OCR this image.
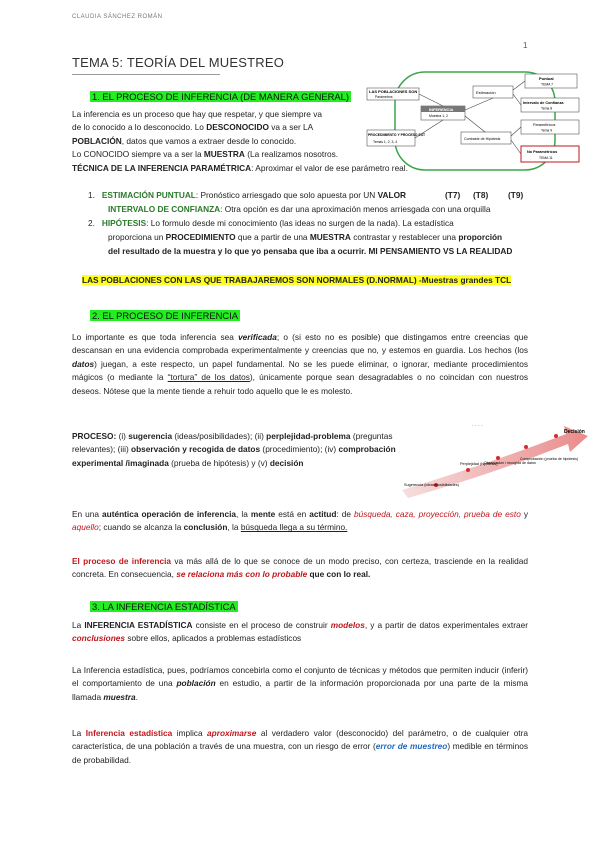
CLAUDIA SÁNCHEZ ROMÁN
1
TEMA 5: TEORÍA DEL MUESTREO
LAS POBLACIONES SON
Parámetros
INFERENCIA
Muestra 1, 2
PROCEDIMIENTO Y PROCESO EST
Temas 1, 2, 3, 4
Estimación
Contraste de Hipótesis
Puntual
TEMA 7
Intervalo de Confianza
Tema 8
Paramétricos
Tema 9
No Paramétricos
TEMA 11
1. EL PROCESO DE INFERENCIA (DE MANERA GENERAL)
La inferencia es un proceso que hay que respetar, y que siempre va
de lo conocido a lo desconocido. Lo DESCONOCIDO va a ser LA
POBLACIÓN, datos que vamos a extraer desde lo conocido.
Lo CONOCIDO siempre va a ser la MUESTRA (La realizamos nosotros.
TÉCNICA DE LA INFERENCIA PARAMÉTRICA: Aproximar el valor de ese parámetro real.
1. ESTIMACIÓN PUNTUAL: Pronóstico arriesgado que solo apuesta por UN VALOR	(T7) (T8) (T9)
INTERVALO DE CONFIANZA: Otra opción es dar una aproximación menos arriesgada con una orquilla
2. HIPÓTESIS: Lo formulo desde mi conocimiento (las ideas no surgen de la nada). La estadística
proporciona un PROCEDIMIENTO que a partir de una MUESTRA contrastar y restablecer una proporción
del resultado de la muestra y lo que yo pensaba que iba a ocurrir. MI PENSAMIENTO VS LA REALIDAD
LAS POBLACIONES CON LAS QUE TRABAJAREMOS SON NORMALES (D.NORMAL) -Muestras grandes TCL
2. EL PROCESO DE INFERENCIA

Lo importante es que toda inferencia sea verificada; o (si esto no es posible) que distingamos entre creencias que descansan en una evidencia comprobada experimentalmente y creencias que no, y estemos en guardia. Los hechos (los datos) juegan, a este respecto, un papel fundamental. No se les puede eliminar, o ignorar, mediante procedimientos mágicos (o mediante la “tortura” de los datos), únicamente porque sean desagradables o no coincidan con nuestros deseos. Nótese que la mente tiende a rehuir todo aquello que le es molesto.

PROCESO: (i) sugerencia (ideas/posibilidades); (ii) perplejidad-problema (preguntas relevantes); (iii) observación y recogida de datos (procedimiento); (iv) comprobación experimental /imaginada (prueba de hipótesis) y (v) decisión

· · · ·
Sugerencia (ideas/posibilidades)
Perplejidad (hipótesis)
Observación / recogida de datos
Comprobación (prueba de hipótesis)
Decisión

En una auténtica operación de inferencia, la mente está en actitud: de búsqueda, caza, proyección, prueba de esto y aquello; cuando se alcanza la conclusión, la búsqueda llega a su término.

El proceso de inferencia va más allá de lo que se conoce de un modo preciso, con certeza, trasciende en la realidad concreta. En consecuencia, se relaciona más con lo probable que con lo real.

3. LA INFERENCIA ESTADÍSTICA

La INFERENCIA ESTADÍSTICA consiste en el proceso de construir modelos, y a partir de datos experimentales extraer conclusiones sobre ellos, aplicados a problemas estadísticos

La Inferencia estadística, pues, podríamos concebirla como el conjunto de técnicas y métodos que permiten inducir (inferir) el comportamiento de una población en estudio, a partir de la información proporcionada por una parte de la misma llamada muestra.

La Inferencia estadística implica aproximarse al verdadero valor (desconocido) del parámetro, o de cualquier otra característica, de una población a través de una muestra, con un riesgo de error (error de muestreo) medible en términos de probabilidad.
